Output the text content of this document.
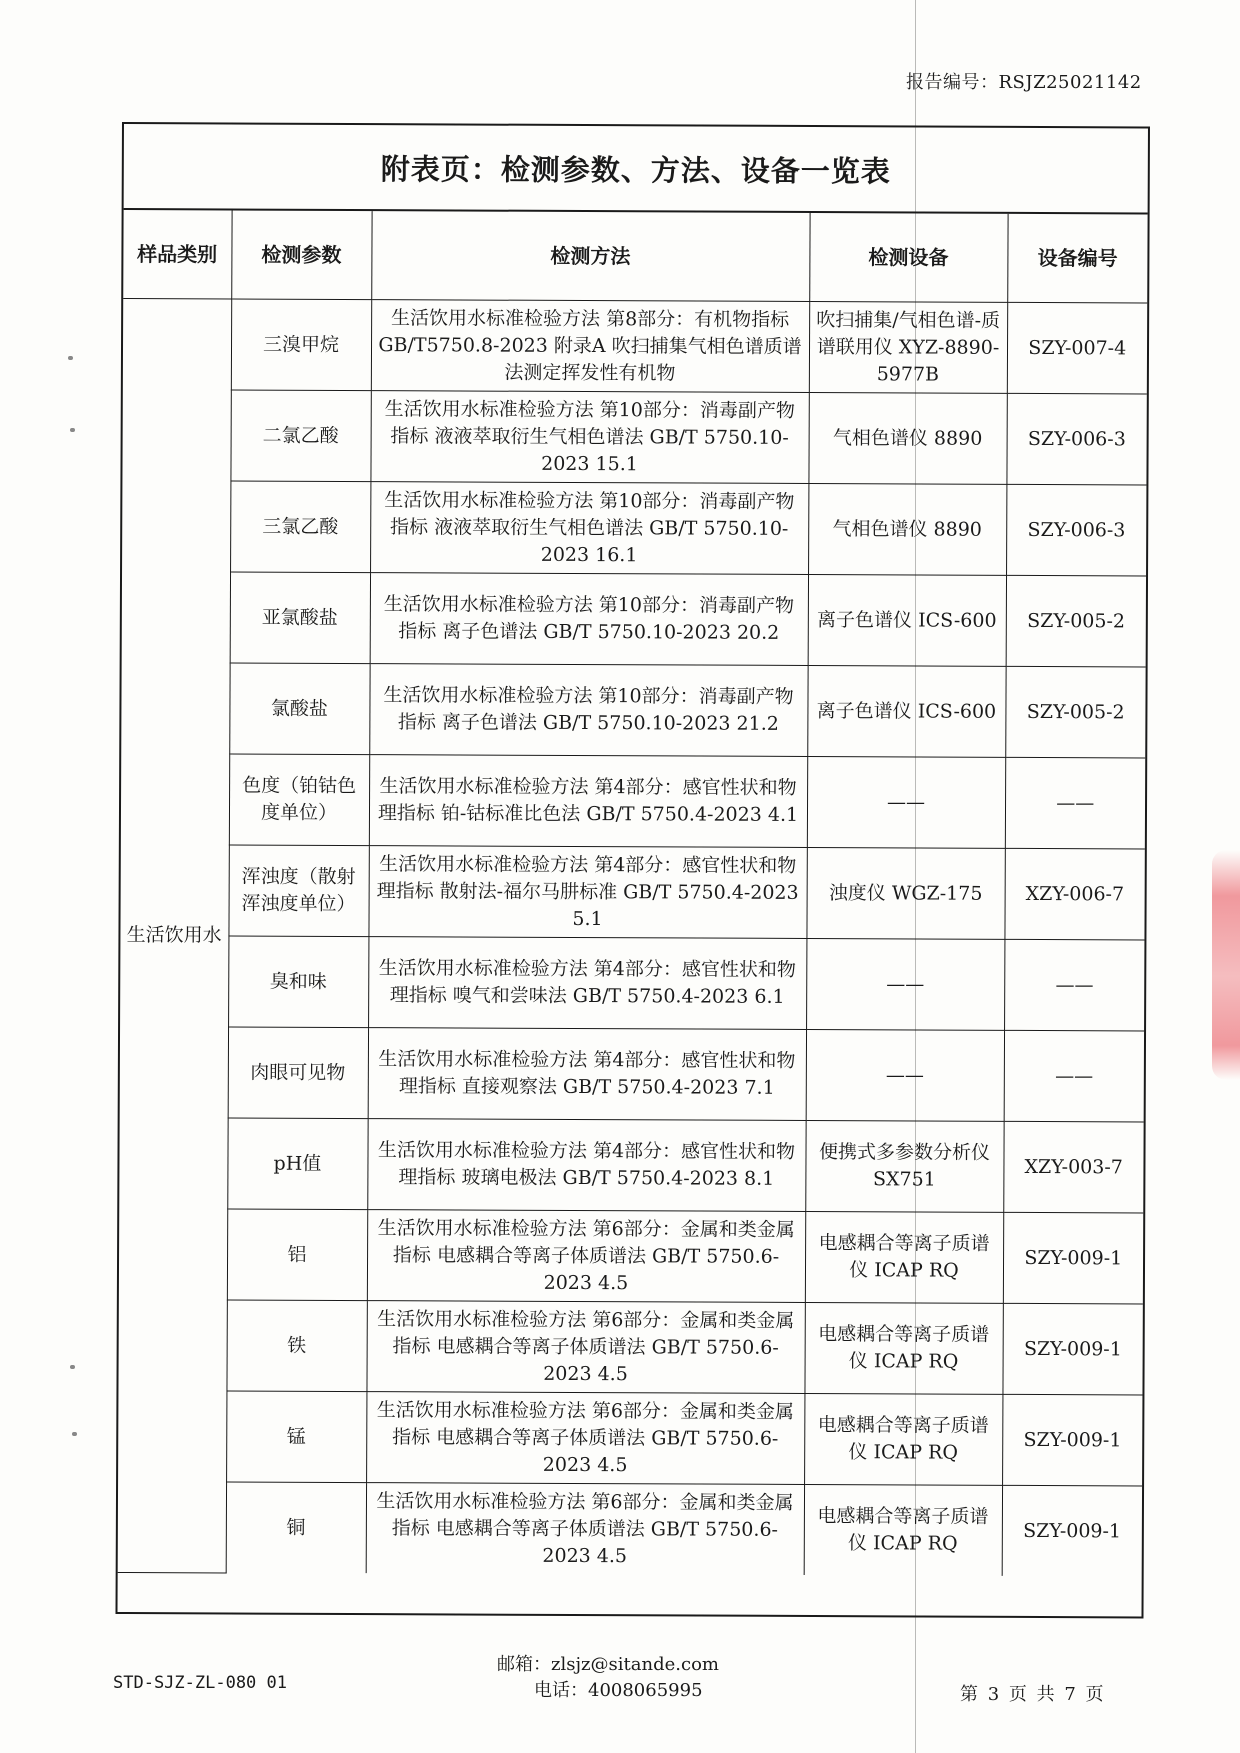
报告编号：RSJZ25021142
附表页：检测参数、方法、设备一览表
样品类别	检测参数	检测方法	检测设备	设备编号
生活饮用水	三溴甲烷	生活饮用水标准检验方法 第8部分：有机物指标GB/T5750.8-2023 附录A 吹扫捕集气相色谱质谱法测定挥发性有机物	吹扫捕集/气相色谱-质谱联用仪 XYZ-8890-5977B	SZY-007-4
	二氯乙酸	生活饮用水标准检验方法 第10部分：消毒副产物指标 液液萃取衍生气相色谱法 GB/T 5750.10-2023 15.1	气相色谱仪 8890	SZY-006-3
	三氯乙酸	生活饮用水标准检验方法 第10部分：消毒副产物指标 液液萃取衍生气相色谱法 GB/T 5750.10-2023 16.1	气相色谱仪 8890	SZY-006-3
	亚氯酸盐	生活饮用水标准检验方法 第10部分：消毒副产物指标 离子色谱法 GB/T 5750.10-2023 20.2	离子色谱仪 ICS-600	SZY-005-2
	氯酸盐	生活饮用水标准检验方法 第10部分：消毒副产物指标 离子色谱法 GB/T 5750.10-2023 21.2	离子色谱仪 ICS-600	SZY-005-2
	色度（铂钴色度单位）	生活饮用水标准检验方法 第4部分：感官性状和物理指标 铂-钴标准比色法 GB/T 5750.4-2023 4.1	——	——
	浑浊度（散射浑浊度单位）	生活饮用水标准检验方法 第4部分：感官性状和物理指标 散射法-福尔马肼标准 GB/T 5750.4-2023 5.1	浊度仪 WGZ-175	XZY-006-7
	臭和味	生活饮用水标准检验方法 第4部分：感官性状和物理指标 嗅气和尝味法 GB/T 5750.4-2023 6.1	——	——
	肉眼可见物	生活饮用水标准检验方法 第4部分：感官性状和物理指标 直接观察法 GB/T 5750.4-2023 7.1	——	——
	pH值	生活饮用水标准检验方法 第4部分：感官性状和物理指标 玻璃电极法 GB/T 5750.4-2023 8.1	便携式多参数分析仪 SX751	XZY-003-7
	铝	生活饮用水标准检验方法 第6部分：金属和类金属指标 电感耦合等离子体质谱法 GB/T 5750.6-2023 4.5	电感耦合等离子质谱仪 ICAP RQ	SZY-009-1
	铁	生活饮用水标准检验方法 第6部分：金属和类金属指标 电感耦合等离子体质谱法 GB/T 5750.6-2023 4.5	电感耦合等离子质谱仪 ICAP RQ	SZY-009-1
	锰	生活饮用水标准检验方法 第6部分：金属和类金属指标 电感耦合等离子体质谱法 GB/T 5750.6-2023 4.5	电感耦合等离子质谱仪 ICAP RQ	SZY-009-1
	铜	生活饮用水标准检验方法 第6部分：金属和类金属指标 电感耦合等离子体质谱法 GB/T 5750.6-2023 4.5	电感耦合等离子质谱仪 ICAP RQ	SZY-009-1
邮箱：zlsjz@sitande.com
电话：4008065995
STD-SJZ-ZL-080 01
第 3 页 共 7 页
